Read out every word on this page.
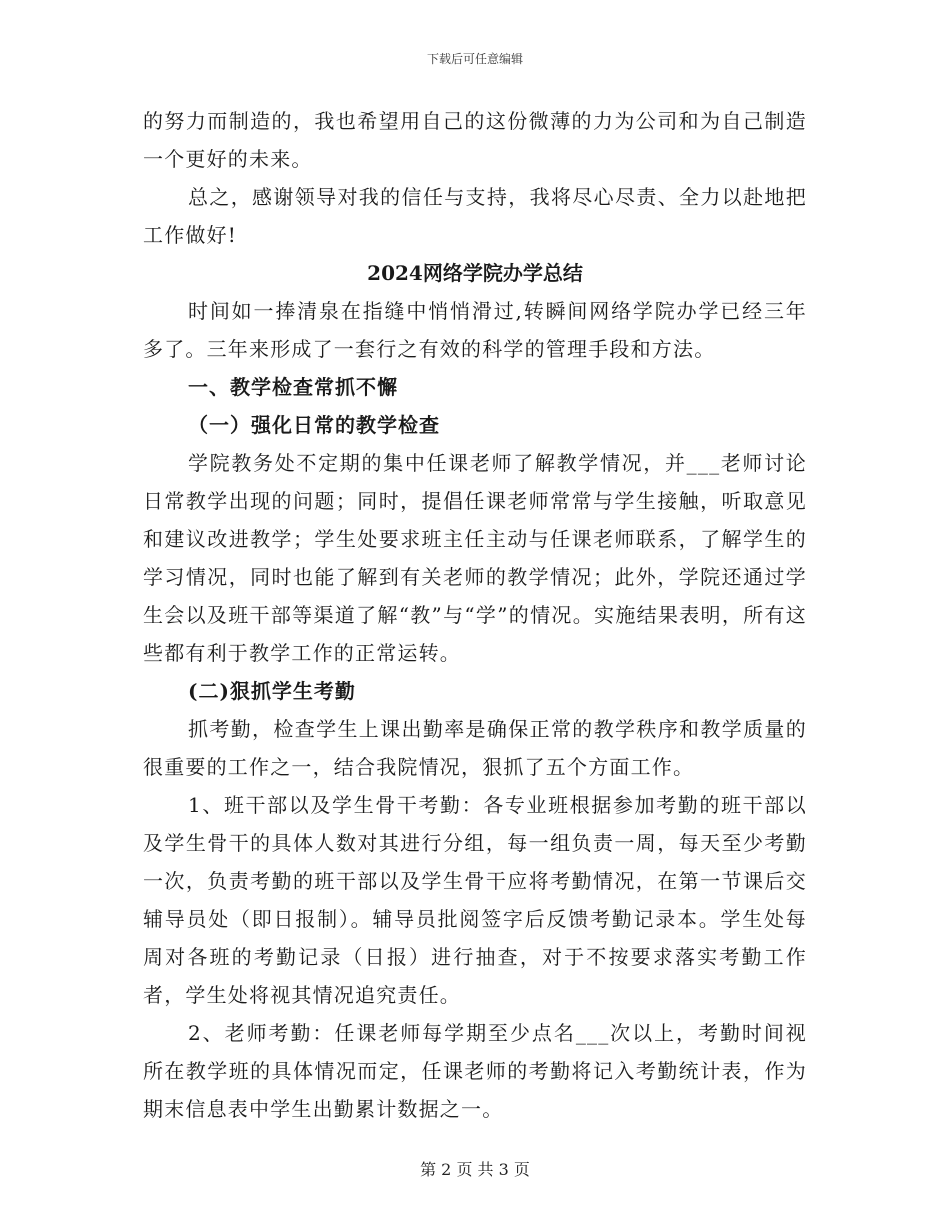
下载后可任意编辑

的努力而制造的，我也希望用自己的这份微薄的力为公司和为自己制造一个更好的未来。

总之，感谢领导对我的信任与支持，我将尽心尽责、全力以赴地把工作做好!

2024网络学院办学总结

时间如一捧清泉在指缝中悄悄滑过,转瞬间网络学院办学已经三年多了。三年来形成了一套行之有效的科学的管理手段和方法。

一、教学检查常抓不懈

（一）强化日常的教学检查

学院教务处不定期的集中任课老师了解教学情况，并___老师讨论日常教学出现的问题；同时，提倡任课老师常常与学生接触，听取意见和建议改进教学；学生处要求班主任主动与任课老师联系，了解学生的学习情况，同时也能了解到有关老师的教学情况；此外，学院还通过学生会以及班干部等渠道了解“教”与“学”的情况。实施结果表明，所有这些都有利于教学工作的正常运转。

(二)狠抓学生考勤

抓考勤，检查学生上课出勤率是确保正常的教学秩序和教学质量的很重要的工作之一，结合我院情况，狠抓了五个方面工作。

1、班干部以及学生骨干考勤：各专业班根据参加考勤的班干部以及学生骨干的具体人数对其进行分组，每一组负责一周，每天至少考勤一次，负责考勤的班干部以及学生骨干应将考勤情况，在第一节课后交辅导员处（即日报制）。辅导员批阅签字后反馈考勤记录本。学生处每周对各班的考勤记录（日报）进行抽查，对于不按要求落实考勤工作者，学生处将视其情况追究责任。

2、老师考勤：任课老师每学期至少点名___次以上，考勤时间视所在教学班的具体情况而定，任课老师的考勤将记入考勤统计表，作为期末信息表中学生出勤累计数据之一。

第 2 页 共 3 页
